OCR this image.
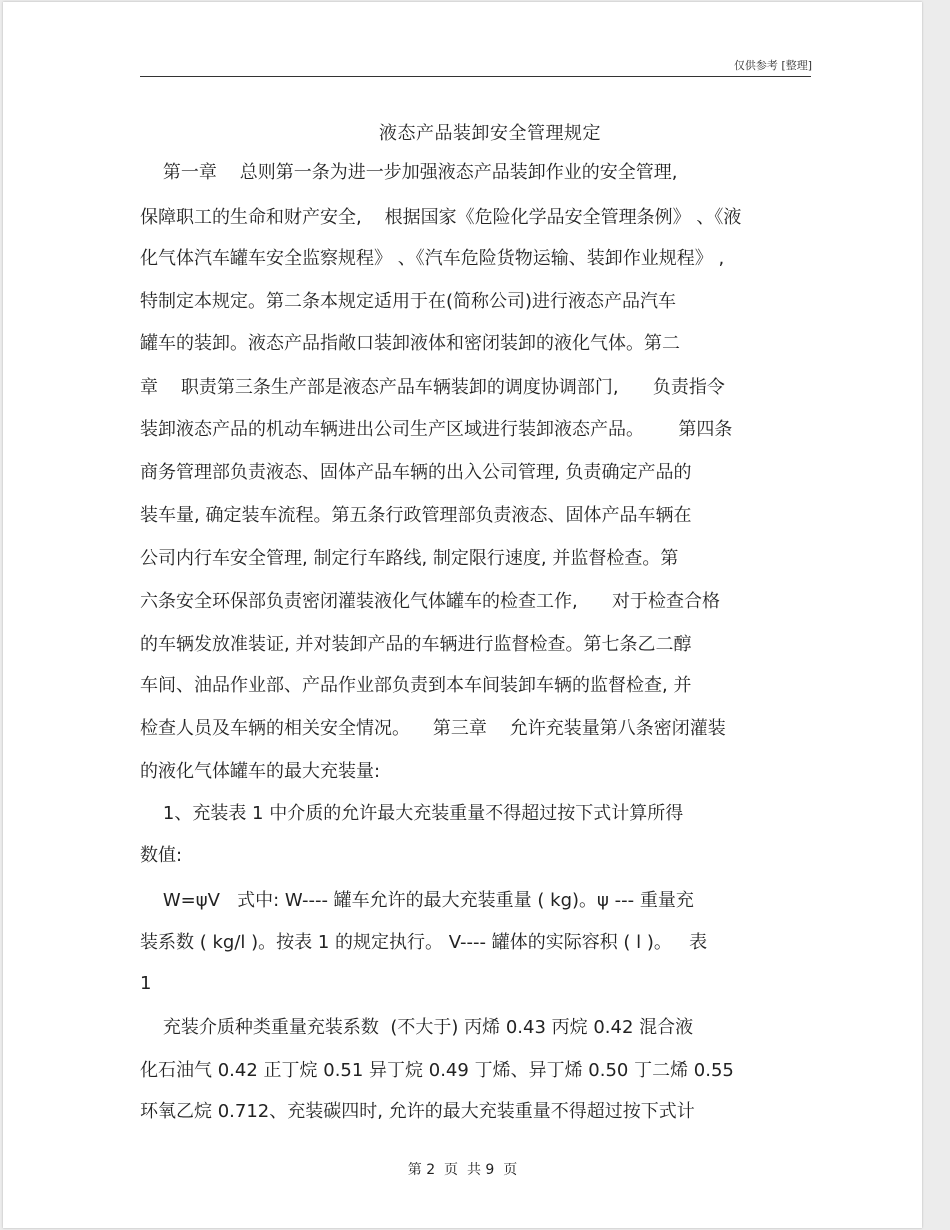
仅供参考 [整理]
液态产品装卸安全管理规定
第一章    总则第一条为进一步加强液态产品装卸作业的安全管理,
保障职工的生命和财产安全,    根据国家《危险化学品安全管理条例》 、《液
化气体汽车罐车安全监察规程》 、《汽车危险货物运输、装卸作业规程》 ,
特制定本规定。第二条本规定适用于在(简称公司)进行液态产品汽车
罐车的装卸。液态产品指敞口装卸液体和密闭装卸的液化气体。第二
章    职责第三条生产部是液态产品车辆装卸的调度协调部门,      负责指令
装卸液态产品的机动车辆进出公司生产区域进行装卸液态产品。      第四条
商务管理部负责液态、固体产品车辆的出入公司管理, 负责确定产品的
装车量, 确定装车流程。第五条行政管理部负责液态、固体产品车辆在
公司内行车安全管理, 制定行车路线, 制定限行速度, 并监督检查。第
六条安全环保部负责密闭灌装液化气体罐车的检查工作,      对于检查合格
的车辆发放准装证, 并对装卸产品的车辆进行监督检查。第七条乙二醇
车间、油品作业部、产品作业部负责到本车间装卸车辆的监督检查, 并
检查人员及车辆的相关安全情况。    第三章    允许充装量第八条密闭灌装
的液化气体罐车的最大充装量:
1、充装表 1 中介质的允许最大充装重量不得超过按下式计算所得
数值:
W=ψV   式中: W---- 罐车允许的最大充装重量 ( kg)。ψ --- 重量充
装系数 ( kg/l )。按表 1 的规定执行。 V---- 罐体的实际容积 ( l )。   表
1
充装介质种类重量充装系数  (不大于) 丙烯 0.43 丙烷 0.42 混合液
化石油气 0.42 正丁烷 0.51 异丁烷 0.49 丁烯、异丁烯 0.50 丁二烯 0.55
环氧乙烷 0.712、充装碳四时, 允许的最大充装重量不得超过按下式计
第 2  页  共 9  页
